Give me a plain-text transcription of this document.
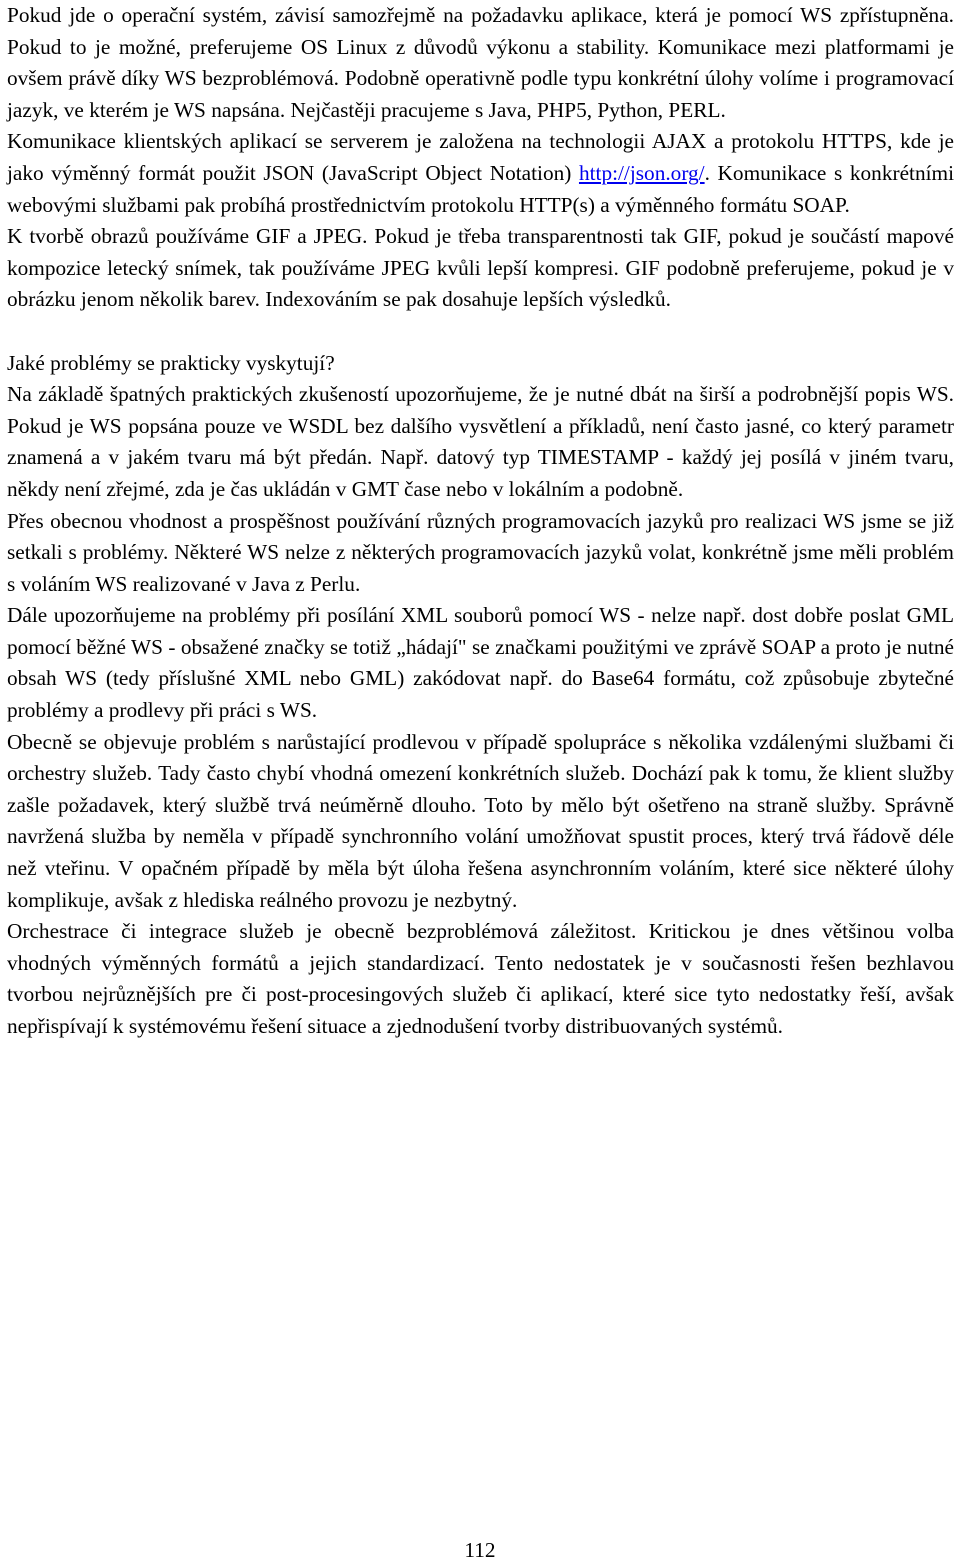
Pokud jde o operační systém, závisí samozřejmě na požadavku aplikace, která je pomocí WS zpřístupněna. Pokud to je možné, preferujeme OS Linux z důvodů výkonu a stability. Komunikace mezi platformami je ovšem právě díky WS bezproblémová. Podobně operativně podle typu konkrétní úlohy volíme i programovací jazyk, ve kterém je WS napsána. Nejčastěji pracujeme s Java, PHP5, Python, PERL.

Komunikace klientských aplikací se serverem je založena na technologii AJAX a protokolu HTTPS, kde je jako výměnný formát použit JSON (JavaScript Object Notation) http://json.org/. Komunikace s konkrétními webovými službami pak probíhá prostřednictvím protokolu HTTP(s) a výměnného formátu SOAP.

K tvorbě obrazů používáme GIF a JPEG. Pokud je třeba transparentnosti tak GIF, pokud je součástí mapové kompozice letecký snímek, tak používáme JPEG kvůli lepší kompresi. GIF podobně preferujeme, pokud je v obrázku jenom několik barev. Indexováním se pak dosahuje lepších výsledků.

Jaké problémy se prakticky vyskytují?

Na základě špatných praktických zkušeností upozorňujeme, že je nutné dbát na širší a podrobnější popis WS. Pokud je WS popsána pouze ve WSDL bez dalšího vysvětlení a příkladů, není často jasné, co který parametr znamená a v jakém tvaru má být předán. Např. datový typ TIMESTAMP - každý jej posílá v jiném tvaru, někdy není zřejmé, zda je čas ukládán v GMT čase nebo v lokálním a podobně.

Přes obecnou vhodnost a prospěšnost používání různých programovacích jazyků pro realizaci WS jsme se již setkali s problémy. Některé WS nelze z některých programovacích jazyků volat, konkrétně jsme měli problém s voláním WS realizované v Java z Perlu.

Dále upozorňujeme na problémy při posílání XML souborů pomocí WS - nelze např. dost dobře poslat GML pomocí běžné WS - obsažené značky se totiž „hádají" se značkami použitými ve zprávě SOAP a proto je nutné obsah WS (tedy příslušné XML nebo GML) zakódovat např. do Base64 formátu, což způsobuje zbytečné problémy a prodlevy při práci s WS.

Obecně se objevuje problém s narůstající prodlevou v případě spolupráce s několika vzdálenými službami či orchestry služeb. Tady často chybí vhodná omezení konkrétních služeb. Dochází pak k tomu, že klient služby zašle požadavek, který službě trvá neúměrně dlouho. Toto by mělo být ošetřeno na straně služby. Správně navržená služba by neměla v případě synchronního volání umožňovat spustit proces, který trvá řádově déle než vteřinu. V opačném případě by měla být úloha řešena asynchronním voláním, které sice některé úlohy komplikuje, avšak z hlediska reálného provozu je nezbytný.

Orchestrace či integrace služeb je obecně bezproblémová záležitost. Kritickou je dnes většinou volba vhodných výměnných formátů a jejich standardizací. Tento nedostatek je v současnosti řešen bezhlavou tvorbou nejrůznějších pre či post-procesingových služeb či aplikací, které sice tyto nedostatky řeší, avšak nepřispívají k systémovému řešení situace a zjednodušení tvorby distribuovaných systémů.

112
